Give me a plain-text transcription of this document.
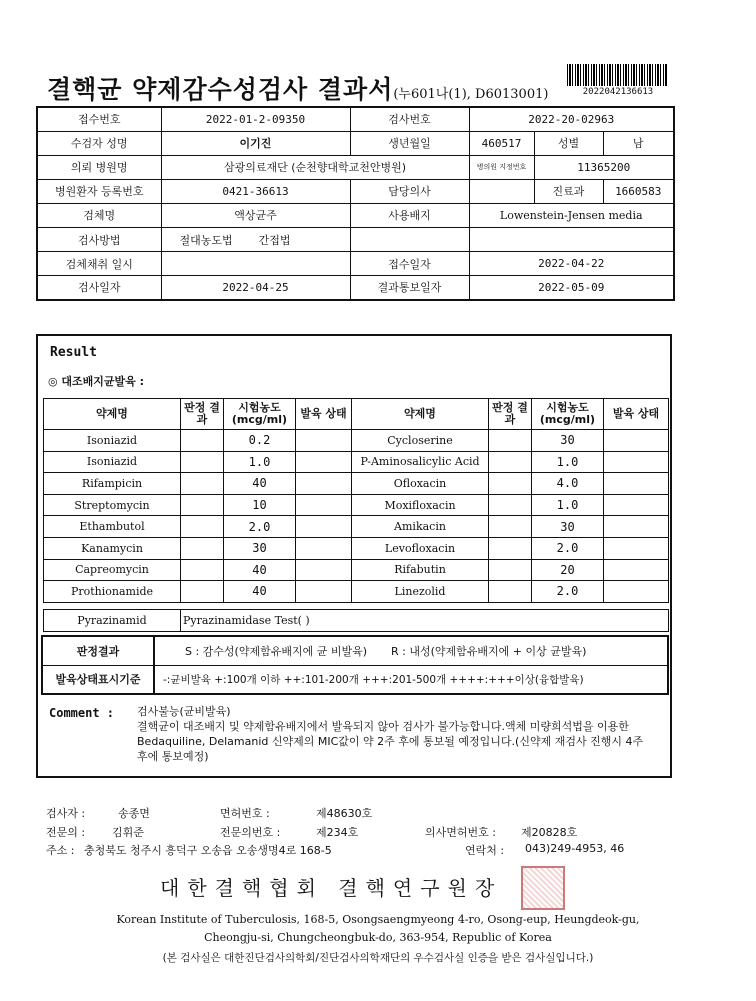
결핵균 약제감수성검사 결과서(누601나(1), D6013001)	2022042136613
접수번호	2022-01-2-09350	검사번호	2022-20-02963		
수검자 성명	이기진	생년월일	460517	성별	남
의뢰 병원명	삼광의료재단 (순천향대학교천안병원)		병의원 지정번호	11365200	
병원환자 등록번호	0421-36613	담당의사		진료과	1660583
검체명	액상균주	사용배지	Lowenstein-Jensen media		
검사방법	절대농도법 간접법				
검체채취 일시		접수일자	2022-04-22		
검사일자	2022-04-25	결과통보일자	2022-05-09		
Result
◎ 대조배지균발육 :
약제명	판정 결과	시험농도 (mcg/ml)	발육 상태	약제명	판정 결과	시험농도 (mcg/ml)	발육 상태
Isoniazid		0.2		Cycloserine		30	
Isoniazid		1.0		P-Aminosalicylic Acid		1.0	
Rifampicin		40		Ofloxacin		4.0	
Streptomycin		10		Moxifloxacin		1.0	
Ethambutol		2.0		Amikacin		30	
Kanamycin		30		Levofloxacin		2.0	
Capreomycin		40		Rifabutin		20	
Prothionamide		40		Linezolid		2.0	
Pyrazinamid	Pyrazinamidase Test( )
판정결과	S : 감수성(약제함유배지에 균 비발육) R : 내성(약제함유배지에 + 이상 균발육)
발육상태표시기준	-:균비발육 +:100개 이하 ++:101-200개 +++:201-500개 ++++:+++이상(융합발육)
Comment : 검사불능(균비발육)
결핵균이 대조배지 및 약제함유배지에서 발육되지 않아 검사가 불가능합니다.액체 미량희석법을 이용한 Bedaquiline, Delamanid 신약제의 MIC값이 약 2주 후에 통보될 예정입니다.(신약제 재검사 진행시 4주 후에 통보예정)
검사자 :	송종면	면허번호 :	제48630호
전문의 : 김휘준	전문의번호 :	제234호	의사면허번호 : 제20828호
주소 : 충청북도 청주시 흥덕구 오송읍 오송생명4로 168-5	연락처 : 043)249-4953, 46
대한결핵협회 결핵연구원장
Korean Institute of Tuberculosis, 168-5, Osongsaengmyeong 4-ro, Osong-eup, Heungdeok-gu,
Cheongju-si, Chungcheongbuk-do, 363-954, Republic of Korea
(본 검사실은 대한진단검사의학회/진단검사의학재단의 우수검사실 인증을 받은 검사실입니다.)
